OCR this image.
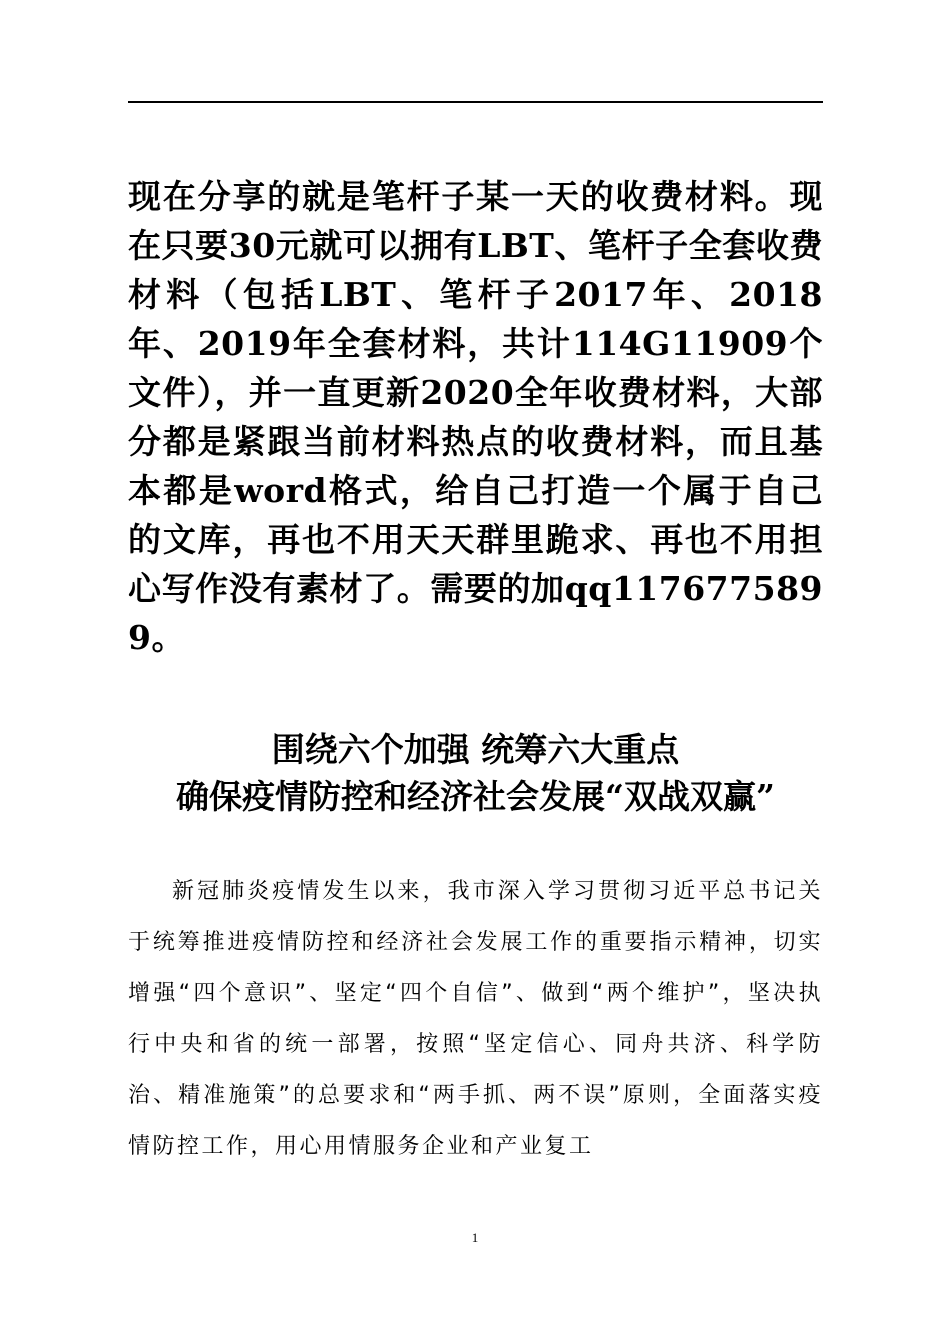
现在分享的就是笔杆子某一天的收费材料。现在只要30元就可以拥有LBT、笔杆子全套收费材料（包括LBT、笔杆子2017年、2018年、2019年全套材料，共计114G11909个文件），并一直更新2020全年收费材料，大部分都是紧跟当前材料热点的收费材料，而且基本都是word格式，给自己打造一个属于自己的文库，再也不用天天群里跪求、再也不用担心写作没有素材了。需要的加qq1176775899。
围绕六个加强 统筹六大重点
确保疫情防控和经济社会发展“双战双赢”

新冠肺炎疫情发生以来，我市深入学习贯彻习近平总书记关于统筹推进疫情防控和经济社会发展工作的重要指示精神，切实增强“四个意识”、坚定“四个自信”、做到“两个维护”，坚决执行中央和省的统一部署，按照“坚定信心、同舟共济、科学防治、精准施策”的总要求和“两手抓、两不误”原则，全面落实疫情防控工作，用心用情服务企业和产业复工

1
